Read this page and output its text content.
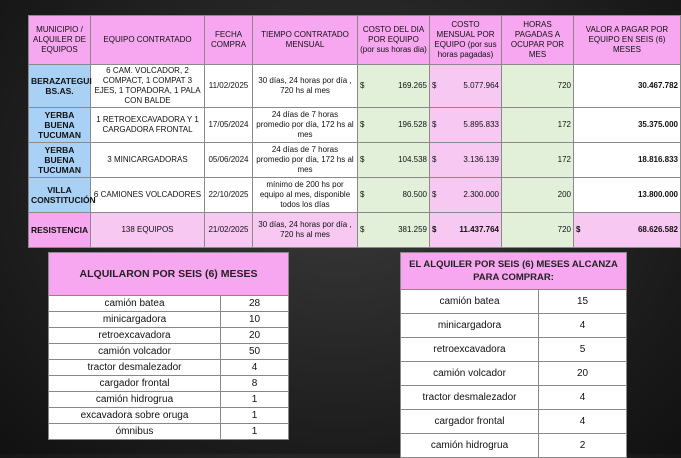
MUNICIPIO / ALQUILER DE EQUIPOS	EQUIPO CONTRATADO	FECHA COMPRA	TIEMPO CONTRATADO MENSUAL	COSTO DEL DIA POR EQUIPO (por sus horas dia)	COSTO MENSUAL POR EQUIPO (por sus horas pagadas)	HORAS PAGADAS A OCUPAR POR MES	VALOR A PAGAR POR EQUIPO EN SEIS (6) MESES
BERAZATEGUI BS.AS.	6 CAM. VOLCADOR, 2 COMPACT, 1 COMPAT 3 EJES, 1 TOPADORA, 1 PALA CON BALDE	11/02/2025	30 días, 24 horas por día , 720 hs al mes	$ 169.265	$ 5.077.964	720	30.467.782
YERBA BUENA TUCUMAN	1 RETROEXCAVADORA Y 1 CARGADORA FRONTAL	17/05/2024	24 días de 7 horas promedio por día, 172 hs al mes	$ 196.528	$ 5.895.833	172	35.375.000
YERBA BUENA TUCUMAN	3 MINICARGADORAS	05/06/2024	24 días de 7 horas promedio por día, 172 hs al mes	$ 104.538	$ 3.136.139	172	18.816.833
VILLA CONSTITUCIÓN	6 CAMIONES VOLCADORES	22/10/2025	mínimo de 200 hs por equipo al mes, disponible todos los días	$ 80.500	$ 2.300.000	200	13.800.000
RESISTENCIA	138 EQUIPOS	21/02/2025	30 días, 24 horas por día , 720 hs al mes	$ 381.259	$ 11.437.764	720	$ 68.626.582
ALQUILARON POR SEIS (6) MESES	
camión batea	28
minicargadora	10
retroexcavadora	20
camión volcador	50
tractor desmalezador	4
cargador frontal	8
camión hidrogrua	1
excavadora sobre oruga	1
ómnibus	1
EL ALQUILER POR SEIS (6) MESES ALCANZA PARA COMPRAR:	
camión batea	15
minicargadora	4
retroexcavadora	5
camión volcador	20
tractor desmalezador	4
cargador frontal	4
camión hidrogrua	2
